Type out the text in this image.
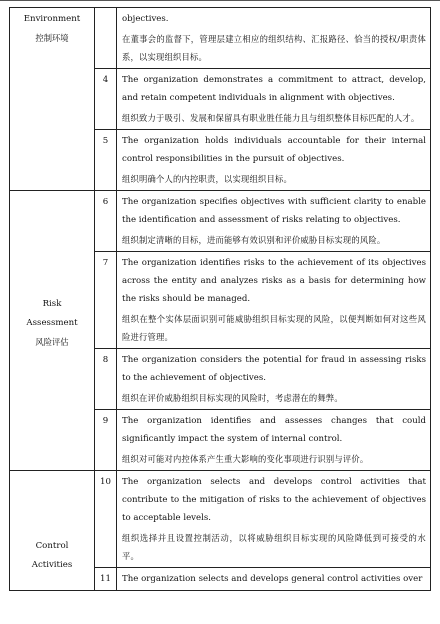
Environment
控制环境		objectives.
在董事会的监督下，管理层建立相应的组织结构、汇报路径、恰当的授权/职责体系，以实现组织目标。

	4	The organization demonstrates a commitment to attract, develop, and retain competent individuals in alignment with objectives.
组织致力于吸引、发展和保留具有职业胜任能力且与组织整体目标匹配的人才。

	5	The organization holds individuals accountable for their internal control responsibilities in the pursuit of objectives.
组织明确个人的内控职责，以实现组织目标。

Risk
Assessment
风险评估	6	The organization specifies objectives with sufficient clarity to enable the identification and assessment of risks relating to objectives.
组织制定清晰的目标，进而能够有效识别和评价威胁目标实现的风险。

	7	The organization identifies risks to the achievement of its objectives across the entity and analyzes risks as a basis for determining how the risks should be managed.
组织在整个实体层面识别可能威胁组织目标实现的风险，以便判断如何对这些风险进行管理。

	8	The organization considers the potential for fraud in assessing risks to the achievement of objectives.
组织在评价威胁组织目标实现的风险时，考虑潜在的舞弊。

	9	The organization identifies and assesses changes that could significantly impact the system of internal control.
组织对可能对内控体系产生重大影响的变化事项进行识别与评价。

Control
Activities	10	The organization selects and develops control activities that contribute to the mitigation of risks to the achievement of objectives to acceptable levels.
组织选择并且设置控制活动，以将威胁组织目标实现的风险降低到可接受的水平。

	11	The organization selects and develops general control activities over
